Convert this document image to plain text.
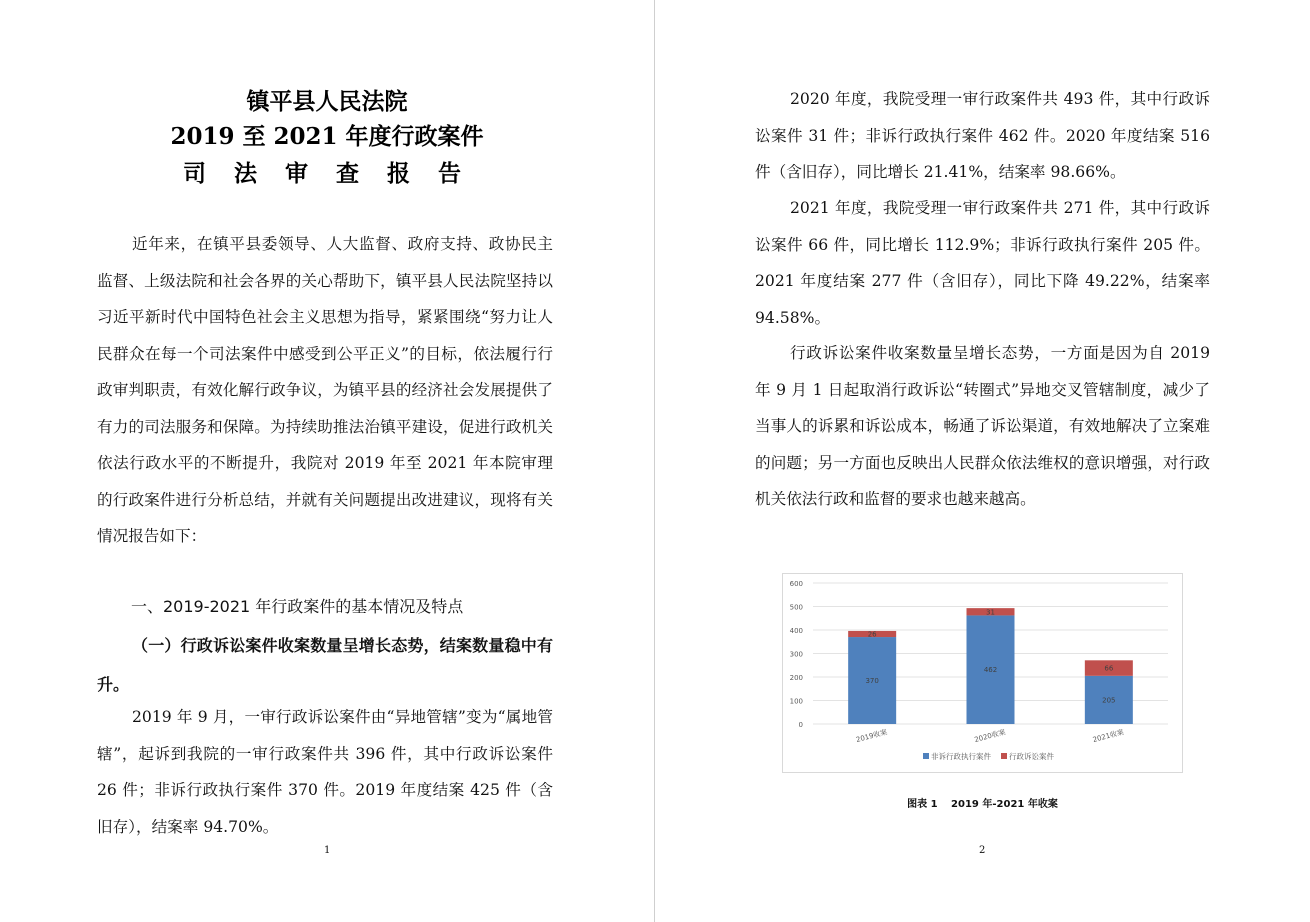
镇平县人民法院
2019 至 2021 年度行政案件
司 法 审 查 报 告

近年来，在镇平县委领导、人大监督、政府支持、政协民主监督、上级法院和社会各界的关心帮助下，镇平县人民法院坚持以习近平新时代中国特色社会主义思想为指导，紧紧围绕“努力让人民群众在每一个司法案件中感受到公平正义”的目标，依法履行行政审判职责，有效化解行政争议，为镇平县的经济社会发展提供了有力的司法服务和保障。为持续助推法治镇平建设，促进行政机关依法行政水平的不断提升，我院对 2019 年至 2021 年本院审理的行政案件进行分析总结，并就有关问题提出改进建议，现将有关情况报告如下：

一、2019-2021 年行政案件的基本情况及特点

（一）行政诉讼案件收案数量呈增长态势，结案数量稳中有升。

2019 年 9 月，一审行政诉讼案件由“异地管辖”变为“属地管辖”，起诉到我院的一审行政案件共 396 件，其中行政诉讼案件 26 件；非诉行政执行案件 370 件。2019 年度结案 425 件（含旧存），结案率 94.70%。

1

2020 年度，我院受理一审行政案件共 493 件，其中行政诉讼案件 31 件；非诉行政执行案件 462 件。2020 年度结案 516 件（含旧存），同比增长 21.41%，结案率 98.66%。

2021 年度，我院受理一审行政案件共 271 件，其中行政诉讼案件 66 件，同比增长 112.9%；非诉行政执行案件 205 件。2021 年度结案 277 件（含旧存），同比下降 49.22%，结案率 94.58%。

行政诉讼案件收案数量呈增长态势，一方面是因为自 2019 年 9 月 1 日起取消行政诉讼“转圈式”异地交叉管辖制度，减少了当事人的诉累和诉讼成本，畅通了诉讼渠道，有效地解决了立案难的问题；另一方面也反映出人民群众依法维权的意识增强，对行政机关依法行政和监督的要求也越来越高。

0
100
200
300
400
500
600
370
26
2019收案
462
31
2020收案
205
66
2021收案
非诉行政执行案件 行政诉讼案件
图表 1　 2019 年-2021 年收案
2
